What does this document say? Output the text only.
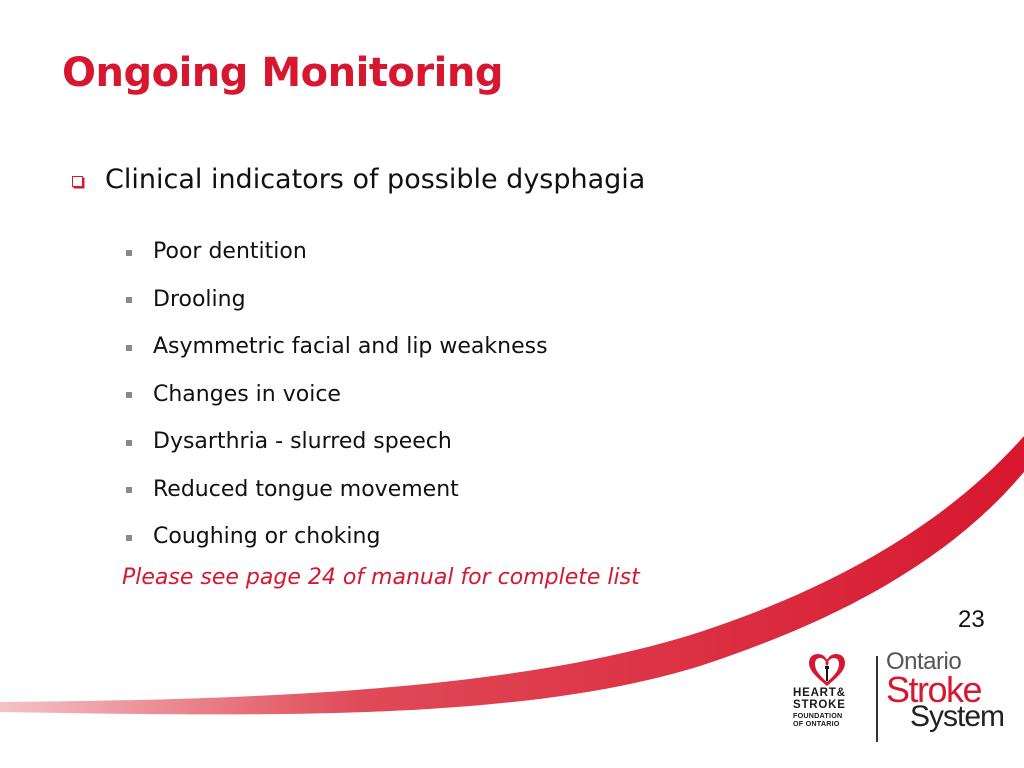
Ongoing Monitoring
Clinical indicators of possible dysphagia
Poor dentition
Drooling
Asymmetric facial and lip weakness
Changes in voice
Dysarthria - slurred speech
Reduced tongue movement
Coughing or choking
Please see page 24 of manual for complete list
23
HEART&
STROKE
FOUNDATION
OF ONTARIO
Ontario
Stroke
System
